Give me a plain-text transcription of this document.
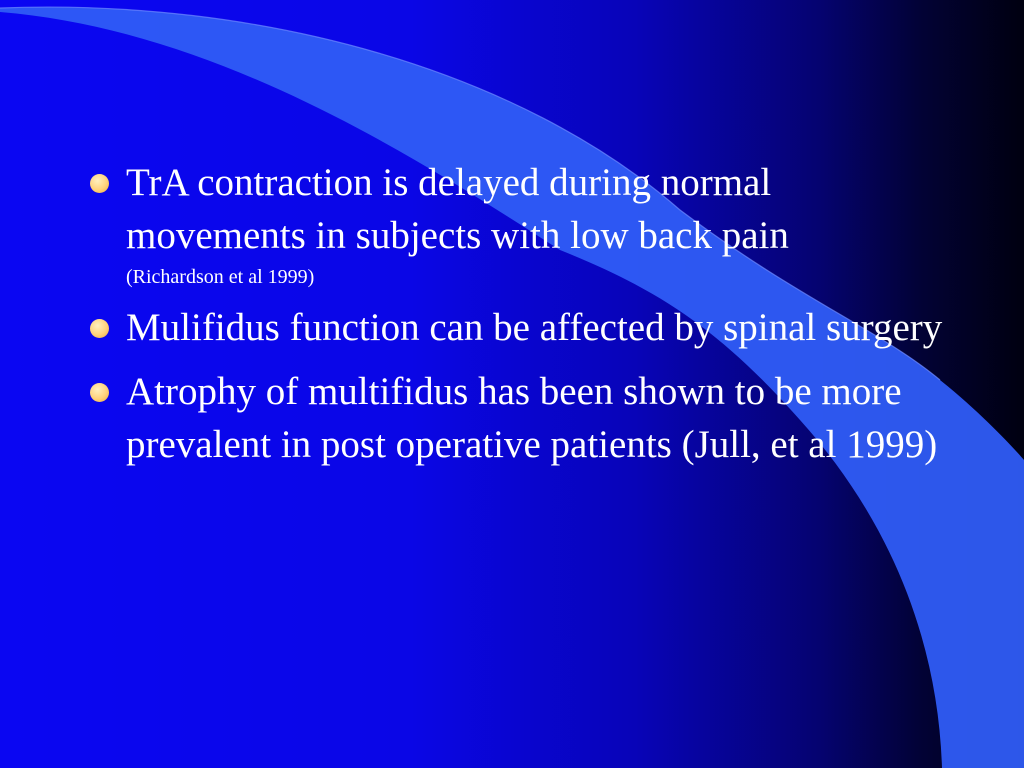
TrA contraction is delayed during normal movements in subjects with low back pain
(Richardson et al 1999)
Mulifidus function can be affected by spinal surgery
Atrophy of multifidus has been shown to be more prevalent in post operative patients (Jull, et al 1999)
